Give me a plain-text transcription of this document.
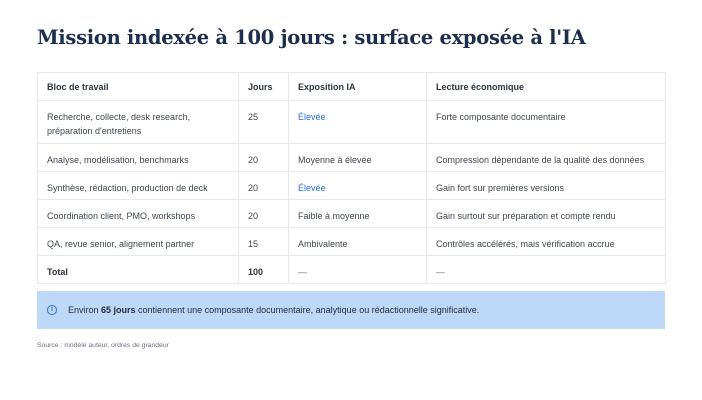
Mission indexée à 100 jours : surface exposée à l'IA
Bloc de travail	Jours	Exposition IA	Lecture économique
Recherche, collecte, desk research, préparation d'entretiens	25	Élevée	Forte composante documentaire
Analyse, modélisation, benchmarks	20	Moyenne à élevée	Compression dépendante de la qualité des données
Synthèse, rédaction, production de deck	20	Élevée	Gain fort sur premières versions
Coordination client, PMO, workshops	20	Faible à moyenne	Gain surtout sur préparation et compte rendu
QA, revue senior, alignement partner	15	Ambivalente	Contrôles accélérés, mais vérification accrue
Total	100	—	—
i	Environ 65 jours contiennent une composante documentaire, analytique ou rédactionnelle significative.
Source : modèle auteur, ordres de grandeur
